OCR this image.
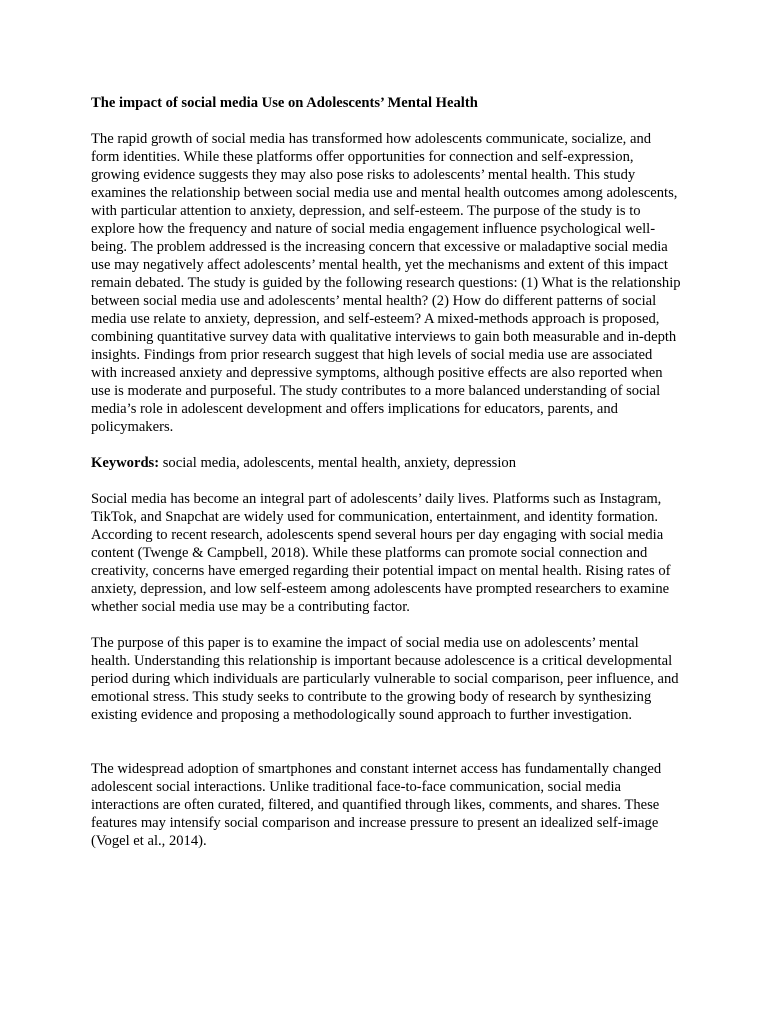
The impact of social media Use on Adolescents’ Mental Health

The rapid growth of social media has transformed how adolescents communicate, socialize, and form identities. While these platforms offer opportunities for connection and self-expression, growing evidence suggests they may also pose risks to adolescents’ mental health. This study examines the relationship between social media use and mental health outcomes among adolescents, with particular attention to anxiety, depression, and self-esteem. The purpose of the study is to explore how the frequency and nature of social media engagement influence psychological well-being. The problem addressed is the increasing concern that excessive or maladaptive social media use may negatively affect adolescents’ mental health, yet the mechanisms and extent of this impact remain debated. The study is guided by the following research questions: (1) What is the relationship between social media use and adolescents’ mental health? (2) How do different patterns of social media use relate to anxiety, depression, and self-esteem? A mixed-methods approach is proposed, combining quantitative survey data with qualitative interviews to gain both measurable and in-depth insights. Findings from prior research suggest that high levels of social media use are associated with increased anxiety and depressive symptoms, although positive effects are also reported when use is moderate and purposeful. The study contributes to a more balanced understanding of social media’s role in adolescent development and offers implications for educators, parents, and policymakers.

Keywords: social media, adolescents, mental health, anxiety, depression

Social media has become an integral part of adolescents’ daily lives. Platforms such as Instagram, TikTok, and Snapchat are widely used for communication, entertainment, and identity formation. According to recent research, adolescents spend several hours per day engaging with social media content (Twenge & Campbell, 2018). While these platforms can promote social connection and creativity, concerns have emerged regarding their potential impact on mental health. Rising rates of anxiety, depression, and low self-esteem among adolescents have prompted researchers to examine whether social media use may be a contributing factor.

The purpose of this paper is to examine the impact of social media use on adolescents’ mental health. Understanding this relationship is important because adolescence is a critical developmental period during which individuals are particularly vulnerable to social comparison, peer influence, and emotional stress. This study seeks to contribute to the growing body of research by synthesizing existing evidence and proposing a methodologically sound approach to further investigation.

The widespread adoption of smartphones and constant internet access has fundamentally changed adolescent social interactions. Unlike traditional face-to-face communication, social media interactions are often curated, filtered, and quantified through likes, comments, and shares. These features may intensify social comparison and increase pressure to present an idealized self-image (Vogel et al., 2014).
